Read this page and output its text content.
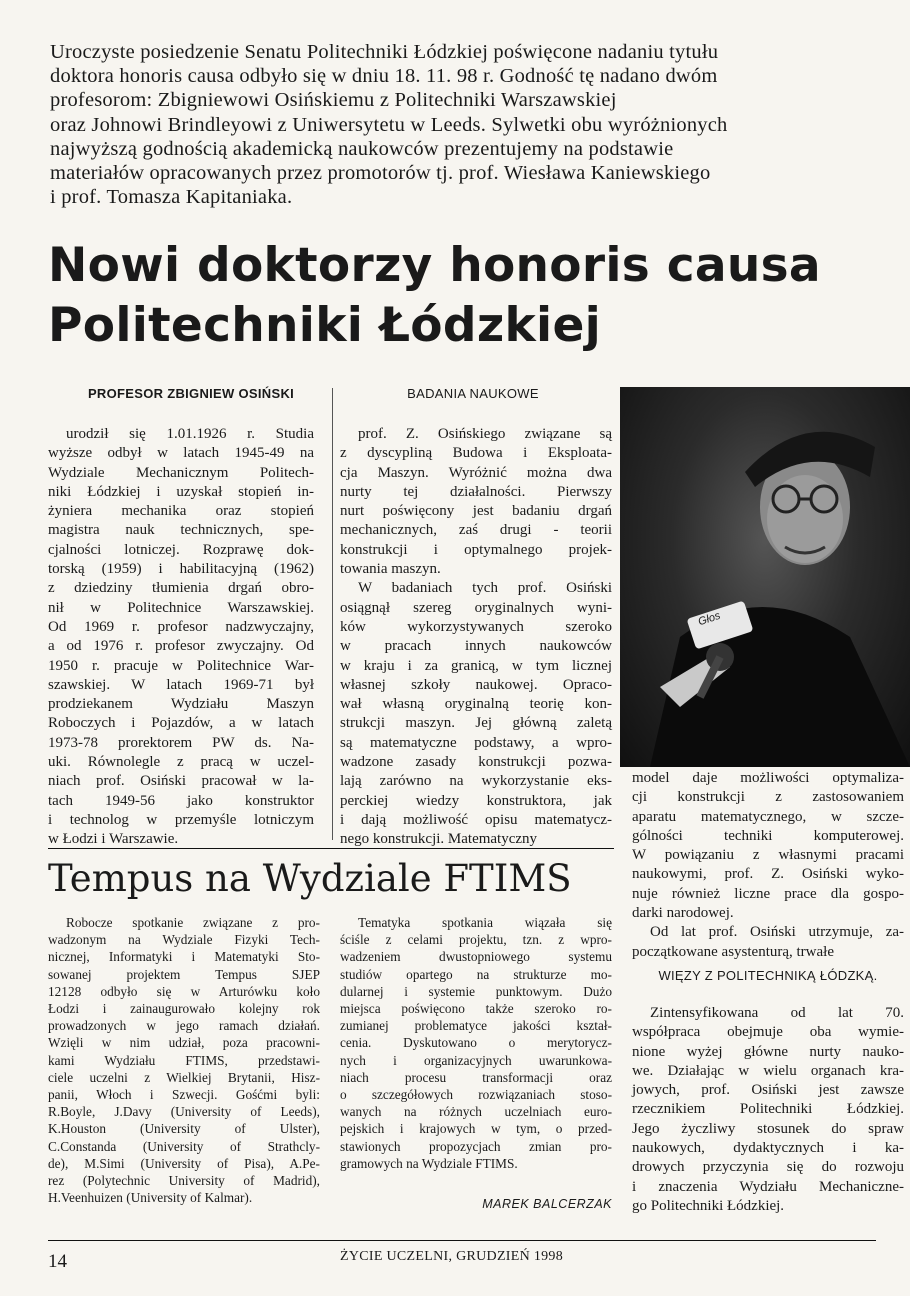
Uroczyste posiedzenie Senatu Politechniki Łódzkiej poświęcone nadaniu tytułu
doktora honoris causa odbyło się w dniu 18. 11. 98 r. Godność tę nadano dwóm
profesorom: Zbigniewowi Osińskiemu z Politechniki Warszawskiej
oraz Johnowi Brindleyowi z Uniwersytetu w Leeds. Sylwetki obu wyróżnionych
najwyższą godnością akademicką naukowców prezentujemy na podstawie
materiałów opracowanych przez promotorów tj. prof. Wiesława Kaniewskiego
i prof. Tomasza Kapitaniaka.
Nowi doktorzy honoris causa
Politechniki Łódzkiej
PROFESOR ZBIGNIEW OSIŃSKI	BADANIA NAUKOWE
urodził się 1.01.1926 r. Studia
wyższe odbył w latach 1945-49 na
Wydziale Mechanicznym Politech-
niki Łódzkiej i uzyskał stopień in-
żyniera mechanika oraz stopień
magistra nauk technicznych, spe-
cjalności lotniczej. Rozprawę dok-
torską (1959) i habilitacyjną (1962)
z dziedziny tłumienia drgań obro-
nił w Politechnice Warszawskiej.
Od 1969 r. profesor nadzwyczajny,
a od 1976 r. profesor zwyczajny. Od
1950 r. pracuje w Politechnice War-
szawskiej. W latach 1969-71 był
prodziekanem Wydziału Maszyn
Roboczych i Pojazdów, a w latach
1973-78 prorektorem PW ds. Na-
uki. Równolegle z pracą w uczel-
niach prof. Osiński pracował w la-
tach 1949-56 jako konstruktor
i technolog w przemyśle lotniczym
w Łodzi i Warszawie.
prof. Z. Osińskiego związane są
z dyscypliną Budowa i Eksploata-
cja Maszyn. Wyróżnić można dwa
nurty tej działalności. Pierwszy
nurt poświęcony jest badaniu drgań
mechanicznych, zaś drugi - teorii
konstrukcji i optymalnego projek-
towania maszyn.
W badaniach tych prof. Osiński
osiągnął szereg oryginalnych wyni-
ków wykorzystywanych szeroko
w pracach innych naukowców
w kraju i za granicą, w tym licznej
własnej szkoły naukowej. Opraco-
wał własną oryginalną teorię kon-
strukcji maszyn. Jej główną zaletą
są matematyczne podstawy, a wpro-
wadzone zasady konstrukcji pozwa-
lają zarówno na wykorzystanie eks-
perckiej wiedzy konstruktora, jak
i dają możliwość opisu matematycz-
nego konstrukcji. Matematyczny
Głos
model daje możliwości optymaliza-
cji konstrukcji z zastosowaniem
aparatu matematycznego, w szcze-
gólności techniki komputerowej.
W powiązaniu z własnymi pracami
naukowymi, prof. Z. Osiński wyko-
nuje również liczne prace dla gospo-
darki narodowej.
Od lat prof. Osiński utrzymuje, za-
początkowane asystenturą, trwałe
WIĘZY Z POLITECHNIKĄ ŁÓDZKĄ.
Zintensyfikowana od lat 70.
współpraca obejmuje oba wymie-
nione wyżej główne nurty nauko-
we. Działając w wielu organach kra-
jowych, prof. Osiński jest zawsze
rzecznikiem Politechniki Łódzkiej.
Jego życzliwy stosunek do spraw
naukowych, dydaktycznych i ka-
drowych przyczynia się do rozwoju
i znaczenia Wydziału Mechaniczne-
go Politechniki Łódzkiej.
Tempus na Wydziale FTIMS
Robocze spotkanie związane z pro-
wadzonym na Wydziale Fizyki Tech-
nicznej, Informatyki i Matematyki Sto-
sowanej projektem Tempus SJEP
12128 odbyło się w Arturówku koło
Łodzi i zainaugurowało kolejny rok
prowadzonych w jego ramach działań.
Wzięli w nim udział, poza pracowni-
kami Wydziału FTIMS, przedstawi-
ciele uczelni z Wielkiej Brytanii, Hisz-
panii, Włoch i Szwecji. Gośćmi byli:
R.Boyle, J.Davy (University of Leeds),
K.Houston (University of Ulster),
C.Constanda (University of Strathcly-
de), M.Simi (University of Pisa), A.Pe-
rez (Polytechnic University of Madrid),
H.Veenhuizen (University of Kalmar).
Tematyka spotkania wiązała się
ściśle z celami projektu, tzn. z wpro-
wadzeniem dwustopniowego systemu
studiów opartego na strukturze mo-
dularnej i systemie punktowym. Dużo
miejsca poświęcono także szeroko ro-
zumianej problematyce jakości kształ-
cenia. Dyskutowano o merytorycz-
nych i organizacyjnych uwarunkowa-
niach procesu transformacji oraz
o szczegółowych rozwiązaniach stoso-
wanych na różnych uczelniach euro-
pejskich i krajowych w tym, o przed-
stawionych propozycjach zmian pro-
gramowych na Wydziale FTIMS.
MAREK BALCERZAK
14	ŻYCIE UCZELNI, GRUDZIEŃ 1998
